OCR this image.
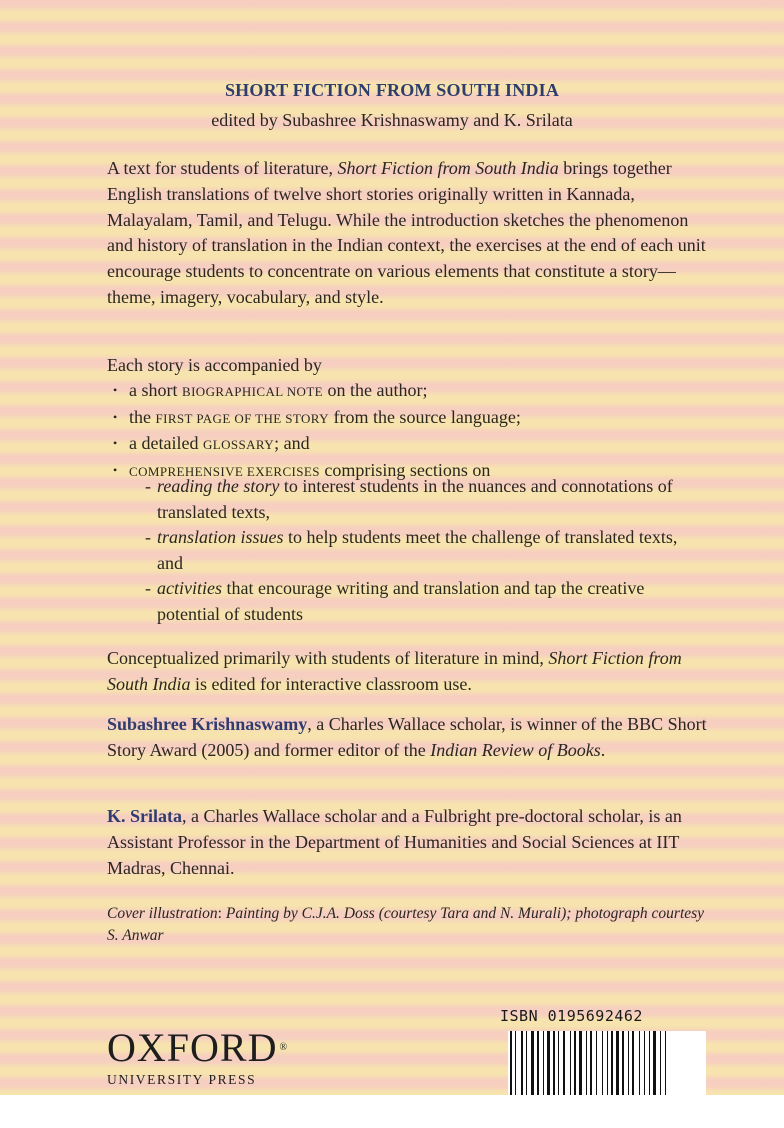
SHORT FICTION FROM SOUTH INDIA
edited by Subashree Krishnaswamy and K. Srilata

A text for students of literature, Short Fiction from South India brings together English translations of twelve short stories originally written in Kannada, Malayalam, Tamil, and Telugu. While the introduction sketches the phenomenon and history of translation in the Indian context, the exercises at the end of each unit encourage students to concentrate on various elements that constitute a story—theme, imagery, vocabulary, and style.

Each story is accompanied by

• a short BIOGRAPHICAL NOTE on the author;
• the FIRST PAGE OF THE STORY from the source language;
• a detailed GLOSSARY; and
• COMPREHENSIVE EXERCISES comprising sections on
- reading the story to interest students in the nuances and connotations of translated texts,
- translation issues to help students meet the challenge of translated texts, and
- activities that encourage writing and translation and tap the creative potential of students

Conceptualized primarily with students of literature in mind, Short Fiction from South India is edited for interactive classroom use.

Subashree Krishnaswamy, a Charles Wallace scholar, is winner of the BBC Short Story Award (2005) and former editor of the Indian Review of Books.

K. Srilata, a Charles Wallace scholar and a Fulbright pre-doctoral scholar, is an Assistant Professor in the Department of Humanities and Social Sciences at IIT Madras, Chennai.

Cover illustration: Painting by C.J.A. Doss (courtesy Tara and N. Murali); photograph courtesy S. Anwar
OXFORD ®
UNIVERSITY PRESS
ISBN 0195692462
